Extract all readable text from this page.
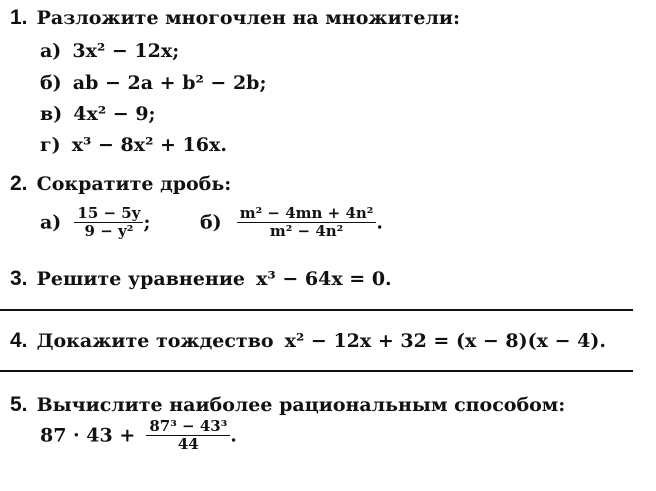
1. Разложите многочлен на множители:
а) 3x² − 12x;
б) ab − 2a + b² − 2b;
в) 4x² − 9;
г) x³ − 8x² + 16x.
2. Сократите дробь:
$а) \frac{15 - 5y}{\text{9 − y²}}$ ;	$б) \frac{\text{m² − 4mn + 4n²}}{\text{m² − 4n²}}$ .
3. Решите уравнение x³ − 64x = 0.
4. Докажите тождество x² − 12x + 32 = (x − 8)(x − 4).
5. Вычислите наиболее рациональным способом:
$87 \cdot 43 + \frac{\text{87³ − 43³}}{44}$ .
